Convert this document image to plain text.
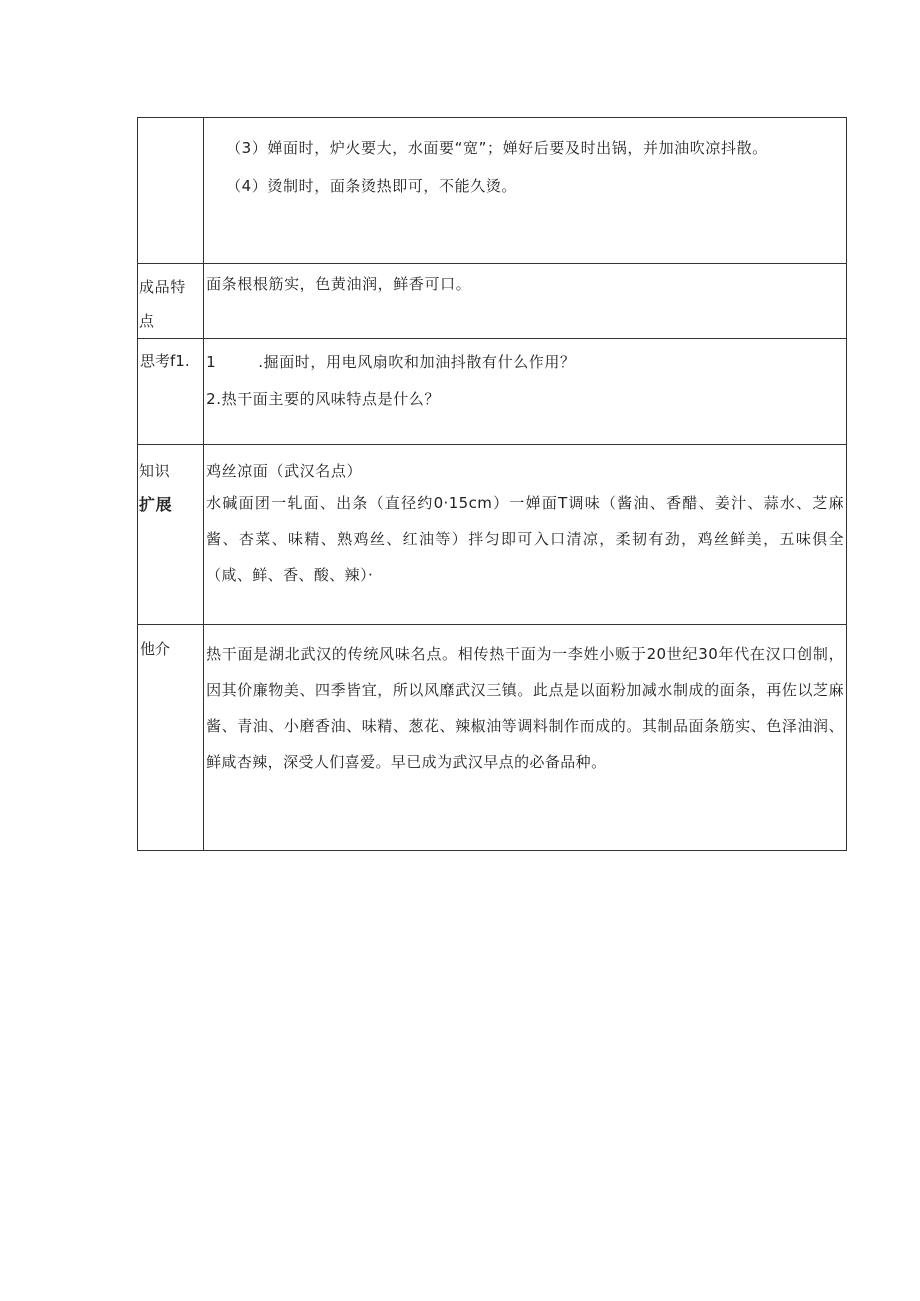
	（3）婵面时，炉火要大，水面要“宽”；婵好后要及时出锅，并加油吹凉抖散。
（4）烫制时，面条烫热即可，不能久烫。

成品特
点	面条根根筋实，色黄油润，鲜香可口。

思考f1.	1 .掘面时，用电风扇吹和加油抖散有什么作用？
2.热干面主要的风味特点是什么？

知识
扩展	鸡丝凉面（武汉名点）
水碱面团一轧面、出条（直径约0·15cm）一婵面T调味（酱油、香醋、姜汁、蒜水、芝麻酱、杏菜、味精、熟鸡丝、红油等）拌匀即可入口清凉，柔韧有劲，鸡丝鲜美，五味俱全（咸、鲜、香、酸、辣）·

他介	热干面是湖北武汉的传统风味名点。相传热干面为一李姓小贩于20世纪30年代在汉口创制，因其价廉物美、四季皆宜，所以风靡武汉三镇。此点是以面粉加减水制成的面条，再佐以芝麻酱、青油、小磨香油、味精、葱花、辣椒油等调料制作而成的。其制品面条筋实、色泽油润、鲜咸杏辣，深受人们喜爱。早已成为武汉早点的必备品种。
